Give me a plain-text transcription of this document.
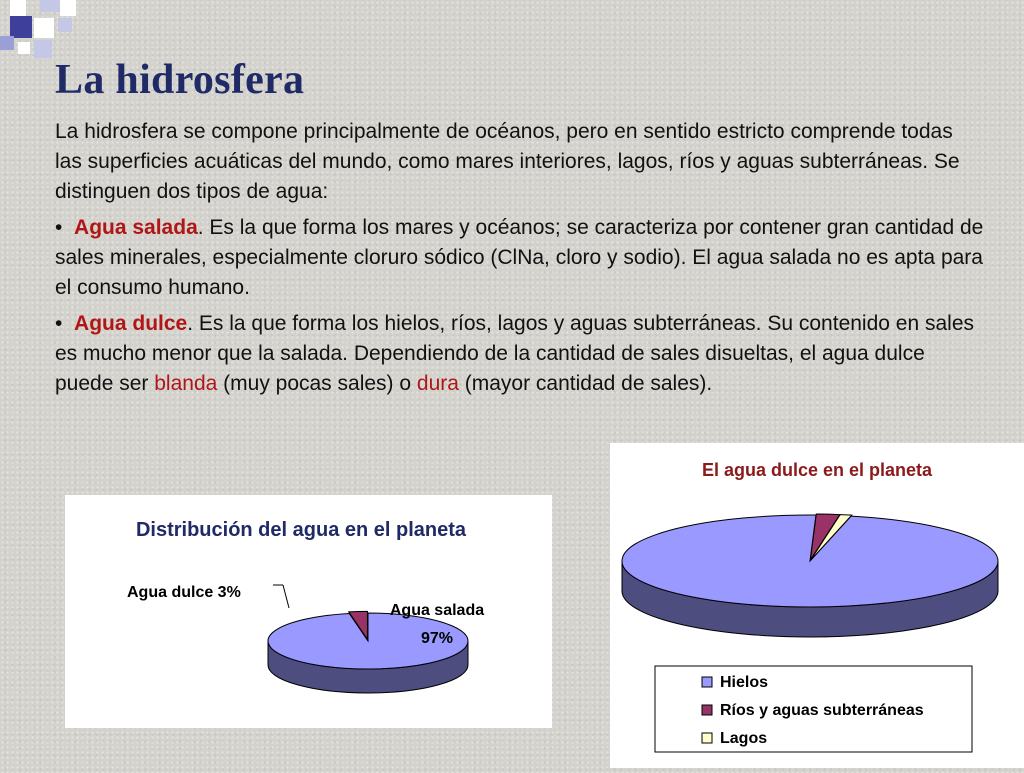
La hidrosfera

La hidrosfera se compone principalmente de océanos, pero en sentido estricto comprende todas las superficies acuáticas del mundo, como mares interiores, lagos, ríos y aguas subterráneas. Se distinguen dos tipos de agua:

• Agua salada. Es la que forma los mares y océanos; se caracteriza por contener gran cantidad de sales minerales, especialmente cloruro sódico (ClNa, cloro y sodio). El agua salada no es apta para el consumo humano.

• Agua dulce. Es la que forma los hielos, ríos, lagos y aguas subterráneas. Su contenido en sales es mucho menor que la salada. Dependiendo de la cantidad de sales disueltas, el agua dulce puede ser blanda (muy pocas sales) o dura (mayor cantidad de sales).

Distribución del agua en el planeta
Agua dulce 3%
Agua salada
97%
El agua dulce en el planeta
Hielos
Ríos y aguas subterráneas
Lagos
